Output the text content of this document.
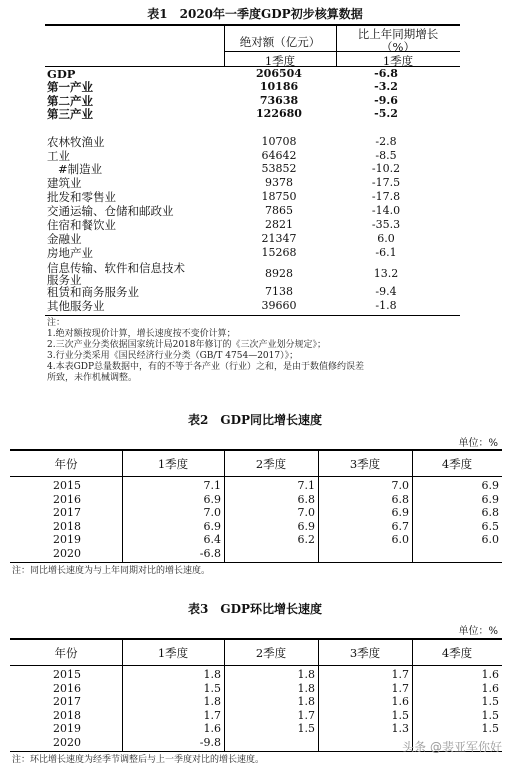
表1　2020年一季度GDP初步核算数据
绝对额（亿元）
比上年同期增长
（%）
1季度	1季度
GDP	206504	-6.8
第一产业	10186	-3.2
第二产业	73638	-9.6
第三产业	122680	-5.2
农林牧渔业	10708	-2.8
工业	64642	-8.5
#制造业	53852	-10.2
建筑业	9378	-17.5
批发和零售业	18750	-17.8
交通运输、仓储和邮政业	7865	-14.0
住宿和餐饮业	2821	-35.3
金融业	21347	6.0
房地产业	15268	-6.1
信息传输、软件和信息技术
服务业	8928	13.2
租赁和商务服务业	7138	-9.4
其他服务业	39660	-1.8
注：
1.绝对额按现价计算，增长速度按不变价计算；
2.三次产业分类依据国家统计局2018年修订的《三次产业划分规定》；
3.行业分类采用《国民经济行业分类（GB/T 4754—2017）》；
4.本表GDP总量数据中，有的不等于各产业（行业）之和，是由于数值修约误差
所致，未作机械调整。
表2　GDP同比增长速度
单位：%
年份	1季度	2季度	3季度	4季度
2015	7.1	7.1	7.0	6.9
2016	6.9	6.8	6.8	6.9
2017	7.0	7.0	6.9	6.8
2018	6.9	6.9	6.7	6.5
2019	6.4	6.2	6.0	6.0
2020	-6.8
注：同比增长速度为与上年同期对比的增长速度。
表3　GDP环比增长速度
单位：%
年份	1季度	2季度	3季度	4季度
2015	1.8	1.8	1.7	1.6
2016	1.5	1.8	1.7	1.6
2017	1.8	1.8	1.6	1.5
2018	1.7	1.7	1.5	1.5
2019	1.6	1.5	1.3	1.5
2020	-9.8
注：环比增长速度为经季节调整后与上一季度对比的增长速度。
头条 @裴亚军你好
